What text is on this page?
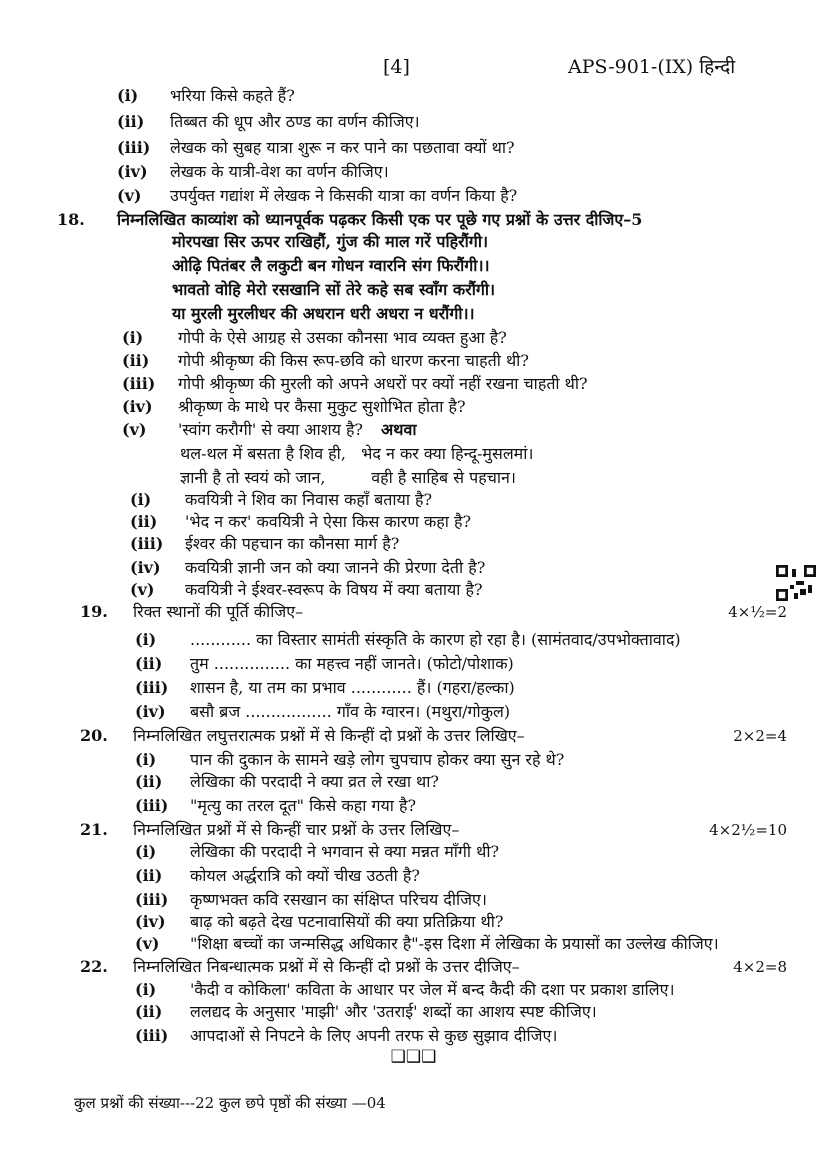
[4]	APS-901-(IX) हिन्दी
(i)	भरिया किसे कहते हैं?
(ii)	तिब्बत की धूप और ठण्ड का वर्णन कीजिए।
(iii)	लेखक को सुबह यात्रा शुरू न कर पाने का पछतावा क्यों था?
(iv)	लेखक के यात्री-वेश का वर्णन कीजिए।
(v)	उपर्युक्त गद्यांश में लेखक ने किसकी यात्रा का वर्णन किया है?
18.	निम्नलिखित काव्यांश को ध्यानपूर्वक पढ़कर किसी एक पर पूछे गए प्रश्नों के उत्तर दीजिए–5
मोरपखा सिर ऊपर राखिहौं, गुंज की माल गरें पहिरौंगी।
ओढ़ि पितंबर लै लकुटी बन गोधन ग्वारनि संग फिरौंगी।।
भावतो वोहि मेरो रसखानि सों तेरे कहे सब स्वाँग करौंगी।
या मुरली मुरलीधर की अधरान धरी अधरा न धरौंगी।।
(i)	गोपी के ऐसे आग्रह से उसका कौनसा भाव व्यक्त हुआ है?
(ii)	गोपी श्रीकृष्ण की किस रूप-छवि को धारण करना चाहती थी?
(iii)	गोपी श्रीकृष्ण की मुरली को अपने अधरों पर क्यों नहीं रखना चाहती थी?
(iv)	श्रीकृष्ण के माथे पर कैसा मुकुट सुशोभित होता है?
(v)	'स्वांग करौगी' से क्या आशय है? अथवा
थल-थल में बसता है शिव ही,   भेद न कर क्या हिन्दू-मुसलमां।
ज्ञानी है तो स्वयं को जान,         वही है साहिब से पहचान।
(i)	कवयित्री ने शिव का निवास कहाँ बताया है?
(ii)	'भेद न कर' कवयित्री ने ऐसा किस कारण कहा है?
(iii)	ईश्वर की पहचान का कौनसा मार्ग है?
(iv)	कवयित्री ज्ञानी जन को क्या जानने की प्रेरणा देती है?
(v)	कवयित्री ने ईश्वर-स्वरूप के विषय में क्या बताया है?
19.	रिक्त स्थानों की पूर्ति कीजिए–	4×½=2
(i)	............ का विस्तार सामंती संस्कृति के कारण हो रहा है। (सामंतवाद/उपभोक्तावाद)
(ii)	तुम ............... का महत्त्व नहीं जानते। (फोटो/पोशाक)
(iii)	शासन है, या तम का प्रभाव ............ हैं। (गहरा/हल्का)
(iv)	बसौ ब्रज ................. गाँव के ग्वारन। (मथुरा/गोकुल)
20.	निम्नलिखित लघुत्तरात्मक प्रश्नों में से किन्हीं दो प्रश्नों के उत्तर लिखिए–	2×2=4
(i)	पान की दुकान के सामने खड़े लोग चुपचाप होकर क्या सुन रहे थे?
(ii)	लेखिका की परदादी ने क्या व्रत ले रखा था?
(iii)	"मृत्यु का तरल दूत" किसे कहा गया है?
21.	निम्नलिखित प्रश्नों में से किन्हीं चार प्रश्नों के उत्तर लिखिए–	4×2½=10
(i)	लेखिका की परदादी ने भगवान से क्या मन्नत माँगी थी?
(ii)	कोयल अर्द्धरात्रि को क्यों चीख उठती है?
(iii)	कृष्णभक्त कवि रसखान का संक्षिप्त परिचय दीजिए।
(iv)	बाढ़ को बढ़ते देख पटनावासियों की क्या प्रतिक्रिया थी?
(v)	"शिक्षा बच्चों का जन्मसिद्ध अधिकार है"-इस दिशा में लेखिका के प्रयासों का उल्लेख कीजिए।
22.	निम्नलिखित निबन्धात्मक प्रश्नों में से किन्हीं दो प्रश्नों के उत्तर दीजिए–	4×2=8
(i)	'कैदी व कोकिला' कविता के आधार पर जेल में बन्द कैदी की दशा पर प्रकाश डालिए।
(ii)	ललद्यद के अनुसार 'माझी' और 'उतराई' शब्दों का आशय स्पष्ट कीजिए।
(iii)	आपदाओं से निपटने के लिए अपनी तरफ से कुछ सुझाव दीजिए।
❑❑❑
कुल प्रश्नों की संख्या---22 कुल छपे पृष्ठों की संख्या —04
